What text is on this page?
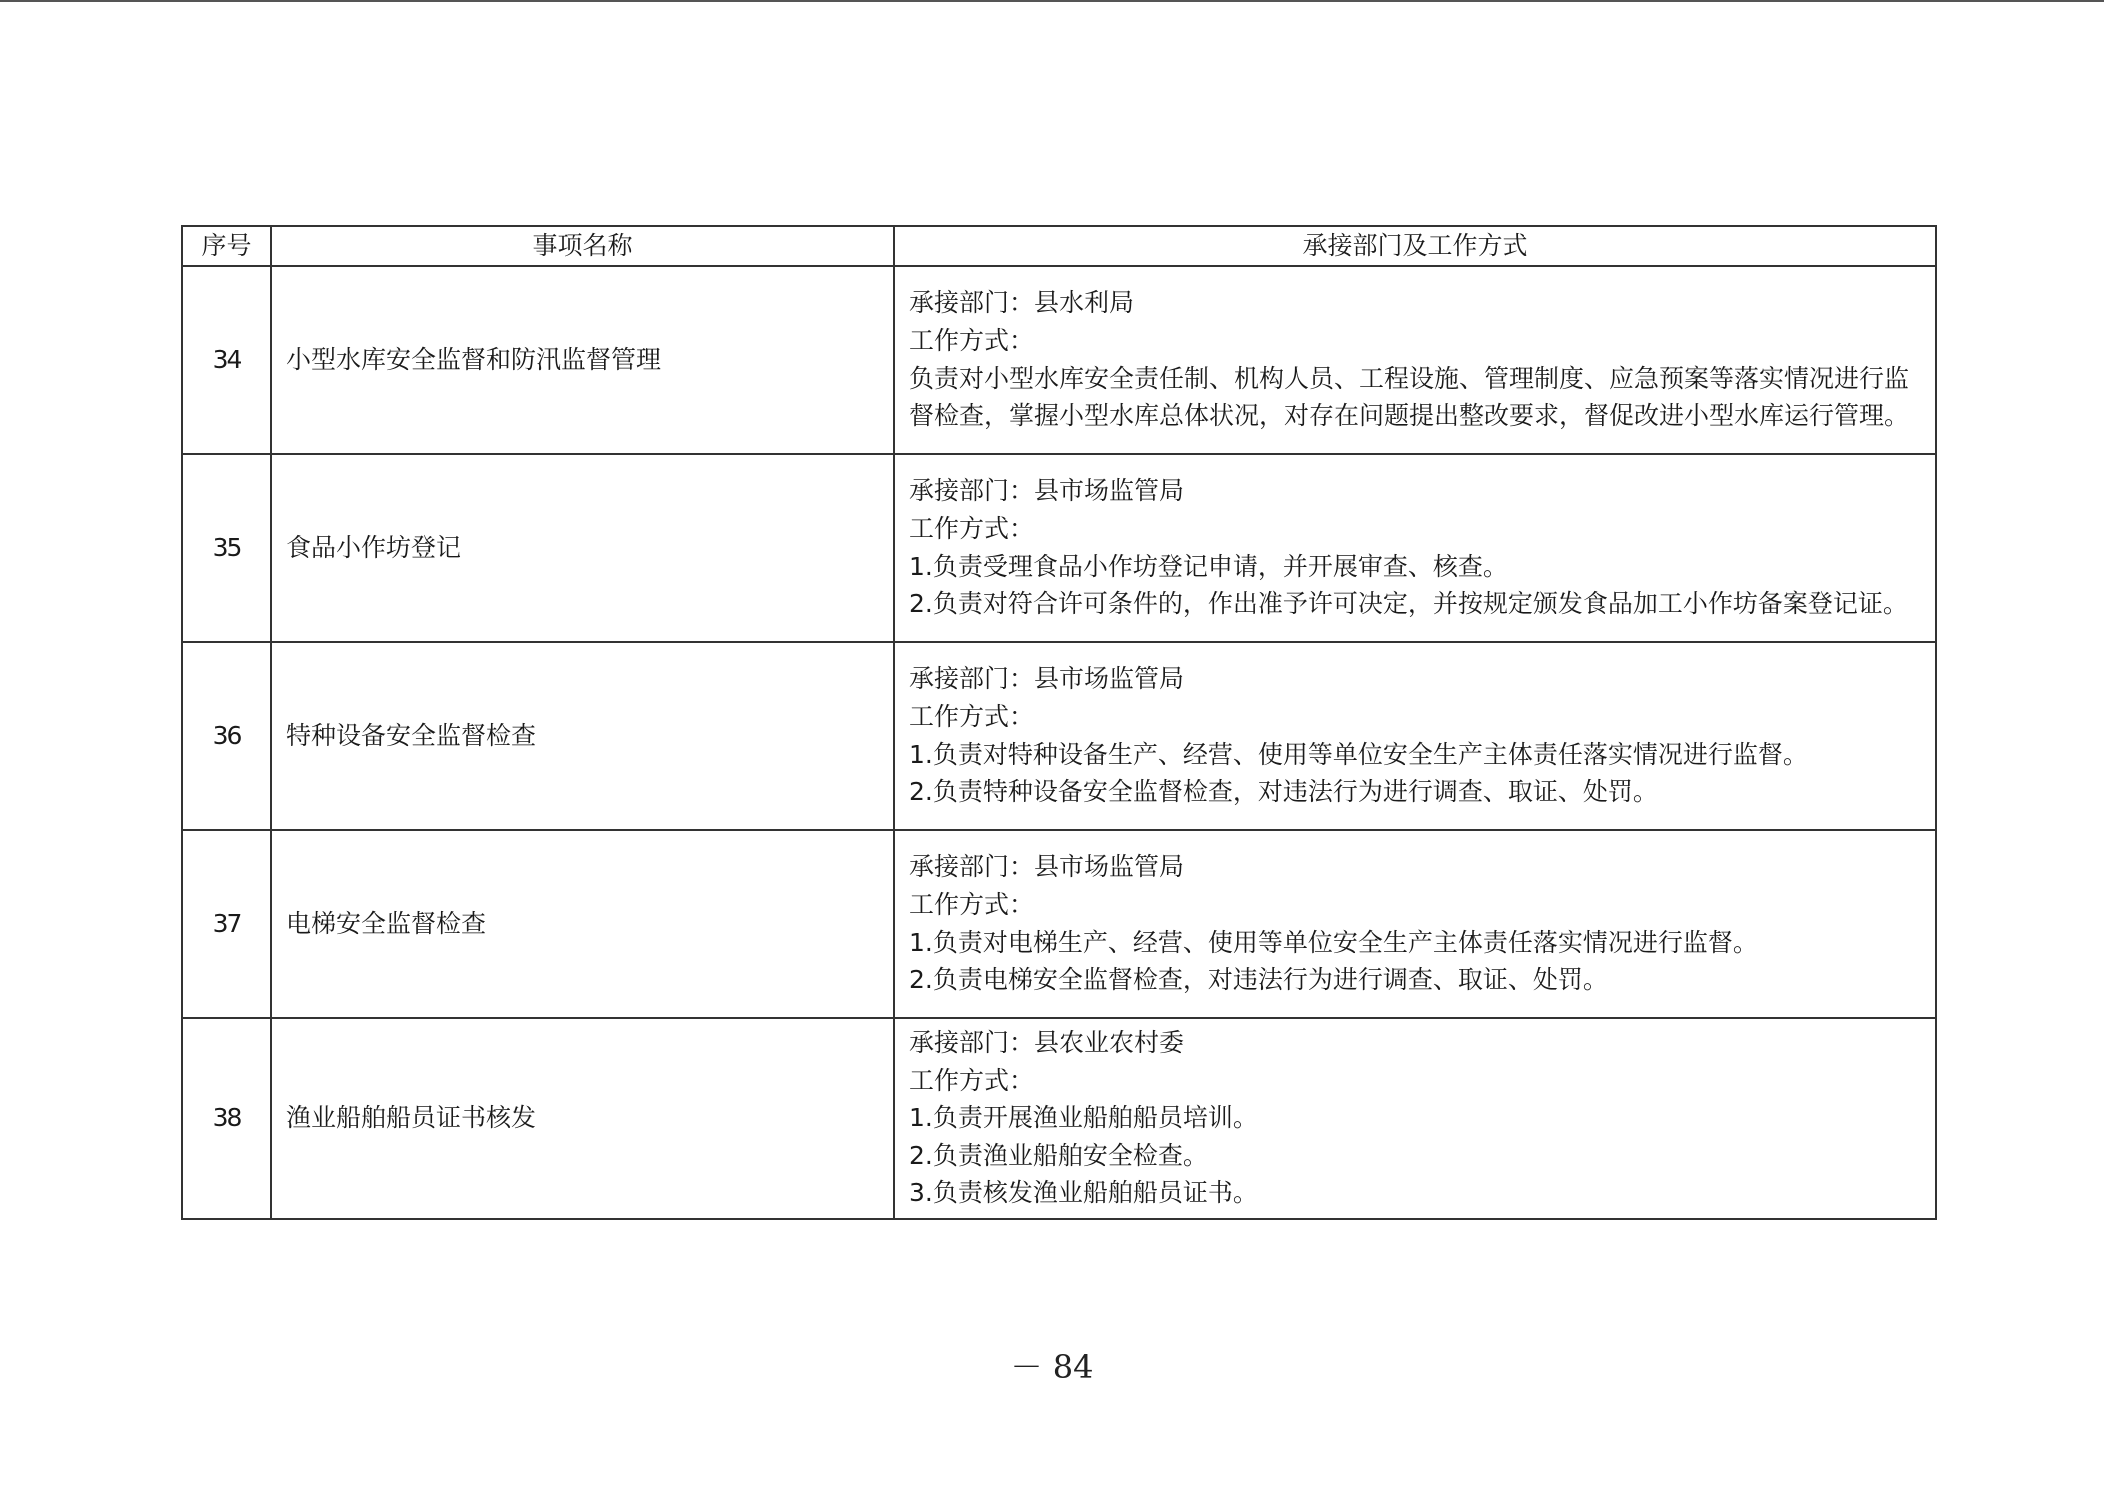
序号	事项名称	承接部门及工作方式
34	小型水库安全监督和防汛监督管理	承接部门：县水利局
工作方式：
负责对小型水库安全责任制、机构人员、工程设施、管理制度、应急预案等落实情况进行监督检查，掌握小型水库总体状况，对存在问题提出整改要求，督促改进小型水库运行管理。

35	食品小作坊登记	承接部门：县市场监管局
工作方式：
1.负责受理食品小作坊登记申请，并开展审查、核查。
2.负责对符合许可条件的，作出准予许可决定，并按规定颁发食品加工小作坊备案登记证。

36	特种设备安全监督检查	承接部门：县市场监管局
工作方式：
1.负责对特种设备生产、经营、使用等单位安全生产主体责任落实情况进行监督。
2.负责特种设备安全监督检查，对违法行为进行调查、取证、处罚。

37	电梯安全监督检查	承接部门：县市场监管局
工作方式：
1.负责对电梯生产、经营、使用等单位安全生产主体责任落实情况进行监督。
2.负责电梯安全监督检查，对违法行为进行调查、取证、处罚。

38	渔业船舶船员证书核发	承接部门：县农业农村委
工作方式：
1.负责开展渔业船舶船员培训。
2.负责渔业船舶安全检查。
3.负责核发渔业船舶船员证书。
－ 84
